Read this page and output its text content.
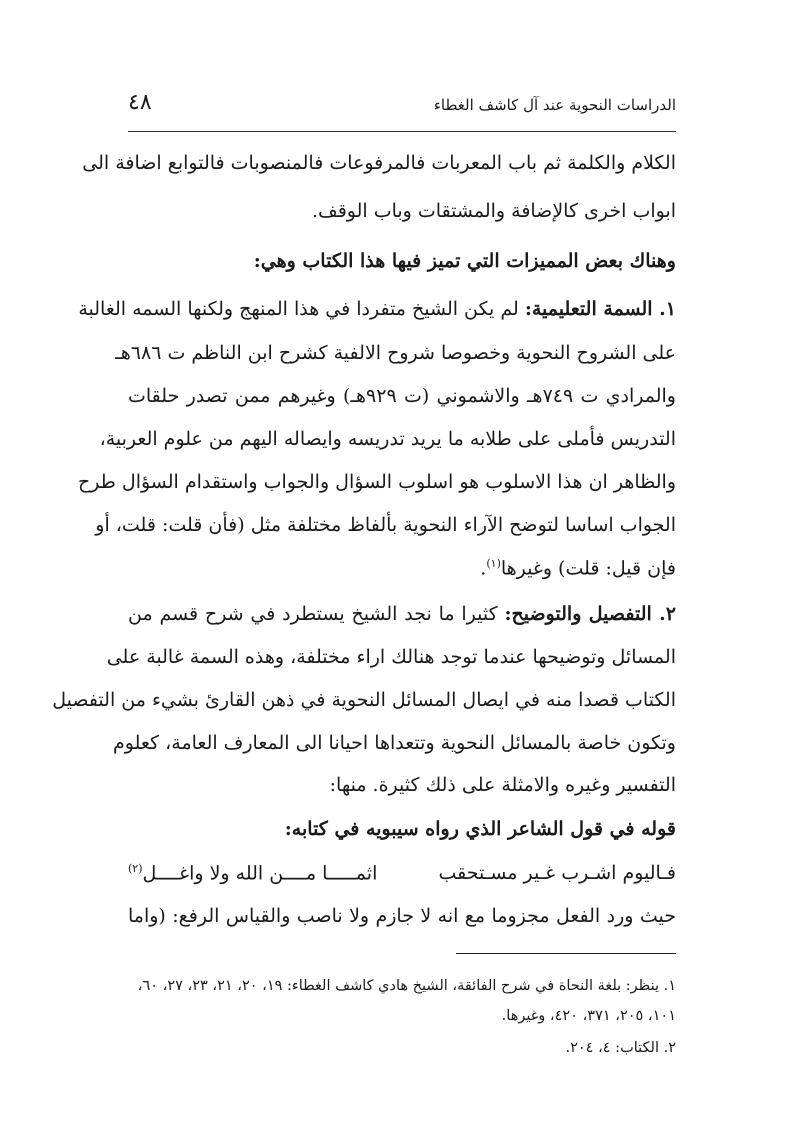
الدراسات النحوية عند آل كاشف الغطاء
٤٨
الكلام والكلمة ثم باب المعربات فالمرفوعات فالمنصوبات فالتوابع اضافة الى
ابواب اخرى كالإضافة والمشتقات وباب الوقف.
وهناك بعض المميزات التي تميز فيها هذا الكتاب وهي:
١. السمة التعليمية: لم يكن الشيخ متفردا في هذا المنهج ولكنها السمه الغالبة
على الشروح النحوية وخصوصا شروح الالفية كشرح ابن الناظم ت ٦٨٦هـ
والمرادي ت ٧٤٩هـ والاشموني (ت ٩٢٩هـ) وغيرهم ممن تصدر حلقات
التدريس فأملى على طلابه ما يريد تدريسه وايصاله اليهم من علوم العربية،
والظاهر ان هذا الاسلوب هو اسلوب السؤال والجواب واستقدام السؤال طرح
الجواب اساسا لتوضح الآراء النحوية بألفاظ مختلفة مثل (فأن قلت: قلت، أو
فإن قيل: قلت) وغيرها$^{(١)}$.
٢. التفصيل والتوضيح: كثيرا ما نجد الشيخ يستطرد في شرح قسم من
المسائل وتوضيحها عندما توجد هنالك اراء مختلفة، وهذه السمة غالبة على
الكتاب قصدا منه في ايصال المسائل النحوية في ذهن القارئ بشيء من التفصيل
وتكون خاصة بالمسائل النحوية وتتعداها احيانا الى المعارف العامة، كعلوم
التفسير وغيره والامثلة على ذلك كثيرة. منها:
قوله في قول الشاعر الذي رواه سيبويه في كتابه:
فـاليوم اشـرب غـير مسـتحقب
اثمـــــا مــــن الله ولا واغــــل$^{(٢)}$
حيث ورد الفعل مجزوما مع انه لا جازم ولا ناصب والقياس الرفع: (واما
١. ينظر: بلغة النحاة في شرح الفائقة، الشيخ هادي كاشف الغطاء: ١٩، ٢٠، ٢١، ٢٣، ٢٧، ٦٠،
١٠١، ٢٠٥، ٣٧١، ٤٢٠، وغيرها.
٢. الكتاب: ٤، ٢٠٤.
